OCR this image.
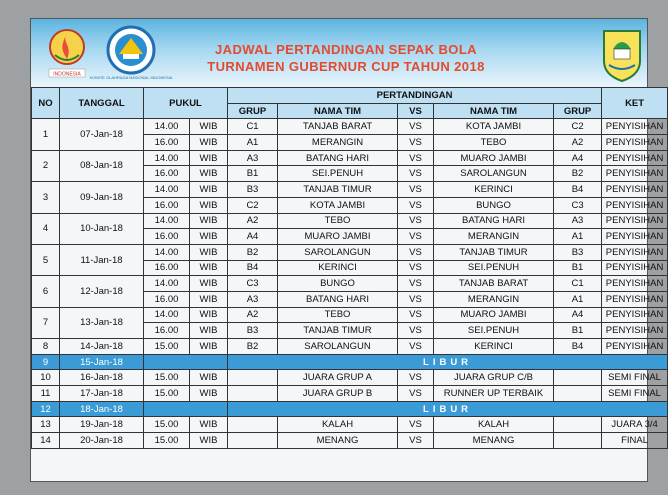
INDONESIA KOMITE OLAHRAGA NASIONAL INDONESIA
JADWAL PERTANDINGAN SEPAK BOLA
TURNAMEN GUBERNUR CUP TAHUN 2018
NO	TANGGAL	PUKUL		PERTANDINGAN					KET
				GRUP	NAMA TIM	VS	NAMA TIM	GRUP	
1	07-Jan-18	14.00	WIB	C1	TANJAB BARAT	VS	KOTA JAMBI	C2	PENYISIHAN
		16.00	WIB	A1	MERANGIN	VS	TEBO	A2	PENYISIHAN
2	08-Jan-18	14.00	WIB	A3	BATANG HARI	VS	MUARO JAMBI	A4	PENYISIHAN
		16.00	WIB	B1	SEI.PENUH	VS	SAROLANGUN	B2	PENYISIHAN
3	09-Jan-18	14.00	WIB	B3	TANJAB TIMUR	VS	KERINCI	B4	PENYISIHAN
		16.00	WIB	C2	KOTA JAMBI	VS	BUNGO	C3	PENYISIHAN
4	10-Jan-18	14.00	WIB	A2	TEBO	VS	BATANG HARI	A3	PENYISIHAN
		16.00	WIB	A4	MUARO JAMBI	VS	MERANGIN	A1	PENYISIHAN
5	11-Jan-18	14.00	WIB	B2	SAROLANGUN	VS	TANJAB TIMUR	B3	PENYISIHAN
		16.00	WIB	B4	KERINCI	VS	SEI.PENUH	B1	PENYISIHAN
6	12-Jan-18	14.00	WIB	C3	BUNGO	VS	TANJAB BARAT	C1	PENYISIHAN
		16.00	WIB	A3	BATANG HARI	VS	MERANGIN	A1	PENYISIHAN
7	13-Jan-18	14.00	WIB	A2	TEBO	VS	MUARO JAMBI	A4	PENYISIHAN
		16.00	WIB	B3	TANJAB TIMUR	VS	SEI.PENUH	B1	PENYISIHAN
8	14-Jan-18	15.00	WIB	B2	SAROLANGUN	VS	KERINCI	B4	PENYISIHAN
9	15-Jan-18			LIBUR					
10	16-Jan-18	15.00	WIB		JUARA GRUP A	VS	JUARA GRUP C/B		SEMI FINAL
11	17-Jan-18	15.00	WIB		JUARA GRUP B	VS	RUNNER UP TERBAIK		SEMI FINAL
12	18-Jan-18			LIBUR					
13	19-Jan-18	15.00	WIB		KALAH	VS	KALAH		JUARA 3/4
14	20-Jan-18	15.00	WIB		MENANG	VS	MENANG		FINAL
